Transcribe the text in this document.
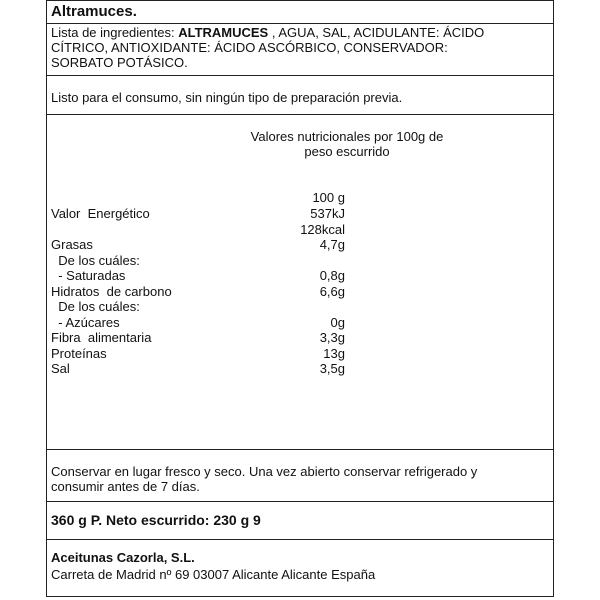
Altramuces.
Lista de ingredientes: ALTRAMUCES , AGUA, SAL, ACIDULANTE: ÁCIDO CÍTRICO, ANTIOXIDANTE: ÁCIDO ASCÓRBICO, CONSERVADOR: SORBATO POTÁSICO.
Listo para el consumo, sin ningún tipo de preparación previa.
Valores nutricionales por 100g de peso escurrido
100 g
Valor  Energético	537kJ
128kcal
Grasas	4,7g
De los cuáles:
- Saturadas	0,8g
Hidratos  de carbono	6,6g
De los cuáles:
- Azúcares	0g
Fibra  alimentaria	3,3g
Proteínas	13g
Sal	3,5g
Conservar en lugar fresco y seco. Una vez abierto conservar refrigerado y consumir antes de 7 días.
360 g P. Neto escurrido: 230 g 9
Aceitunas Cazorla, S.L.
Carreta de Madrid nº 69 03007 Alicante Alicante España
